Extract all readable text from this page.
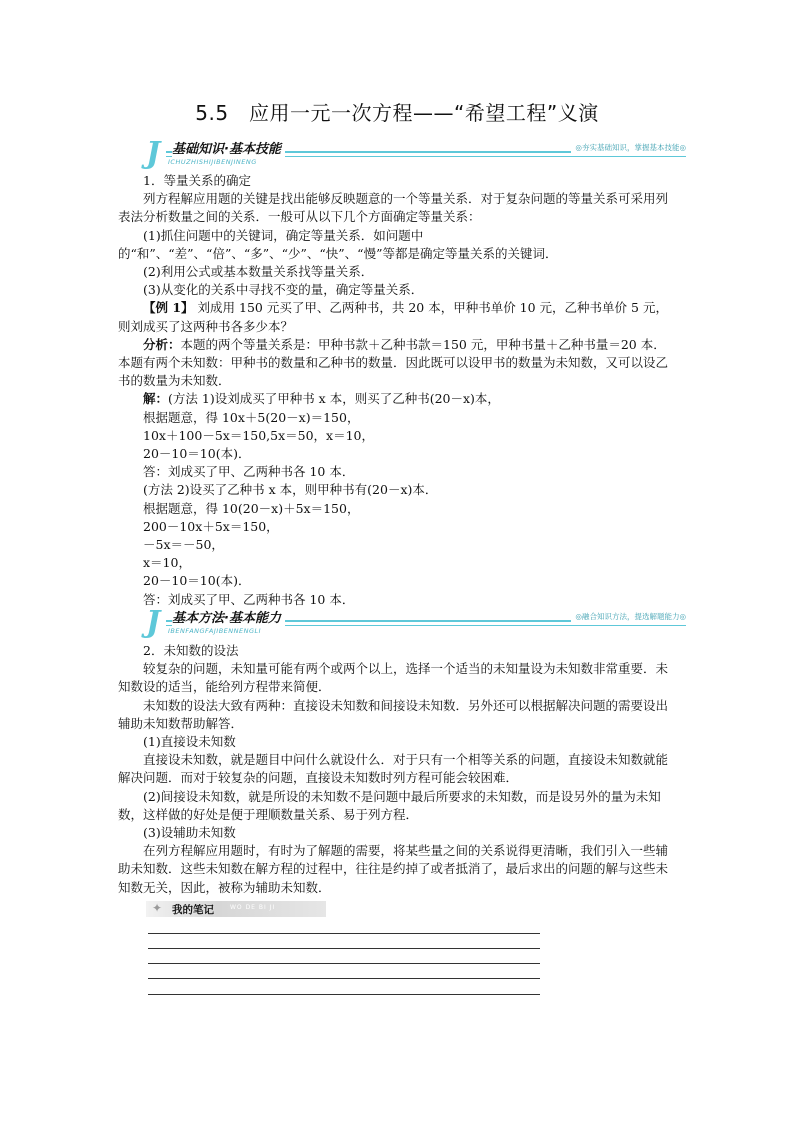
5.5　应用一元一次方程——“希望工程”义演
J 基础知识·基本技能
ICHUZHISHIJIBENJINENG
◎夯实基础知识，掌握基本技能◎

1．等量关系的确定

列方程解应用题的关键是找出能够反映题意的一个等量关系．对于复杂问题的等量关系可采用列表法分析数量之间的关系．一般可从以下几个方面确定等量关系：

(1)抓住问题中的关键词，确定等量关系．如问题中的“和”、“差”、“倍”、“多”、“少”、“快”、“慢”等都是确定等量关系的关键词．

(2)利用公式或基本数量关系找等量关系．

(3)从变化的关系中寻找不变的量，确定等量关系．

【例 1】 刘成用 150 元买了甲、乙两种书，共 20 本，甲种书单价 10 元，乙种书单价 5 元，则刘成买了这两种书各多少本？

分析：本题的两个等量关系是：甲种书款＋乙种书款＝150 元，甲种书量＋乙种书量＝20 本．本题有两个未知数：甲种书的数量和乙种书的数量．因此既可以设甲书的数量为未知数，又可以设乙书的数量为未知数．

解：(方法 1)设刘成买了甲种书 x 本，则买了乙种书(20－x)本，

根据题意，得 10x＋5(20－x)＝150，

10x＋100－5x＝150,5x＝50，x＝10，

20－10＝10(本)．

答：刘成买了甲、乙两种书各 10 本．

(方法 2)设买了乙种书 x 本，则甲种书有(20－x)本．

根据题意，得 10(20－x)＋5x＝150，

200－10x＋5x＝150，

－5x＝－50，

x＝10，

20－10＝10(本)．

答：刘成买了甲、乙两种书各 10 本．

J 基本方法·基本能力
IBENFANGFAJIBENNENGLI
◎融合知识方法，提选解题能力◎

2．未知数的设法

较复杂的问题，未知量可能有两个或两个以上，选择一个适当的未知量设为未知数非常重要．未知数设的适当，能给列方程带来简便．

未知数的设法大致有两种：直接设未知数和间接设未知数．另外还可以根据解决问题的需要设出辅助未知数帮助解答．

(1)直接设未知数

直接设未知数，就是题目中问什么就设什么．对于只有一个相等关系的问题，直接设未知数就能解决问题．而对于较复杂的问题，直接设未知数时列方程可能会较困难．

(2)间接设未知数，就是所设的未知数不是问题中最后所要求的未知数，而是设另外的量为未知数，这样做的好处是便于理顺数量关系、易于列方程．

(3)设辅助未知数

在列方程解应用题时，有时为了解题的需要，将某些量之间的关系说得更清晰，我们引入一些辅助未知数．这些未知数在解方程的过程中，往往是约掉了或者抵消了，最后求出的问题的解与这些未知数无关，因此，被称为辅助未知数．

✦ 我的笔记	WO DE BI JI
